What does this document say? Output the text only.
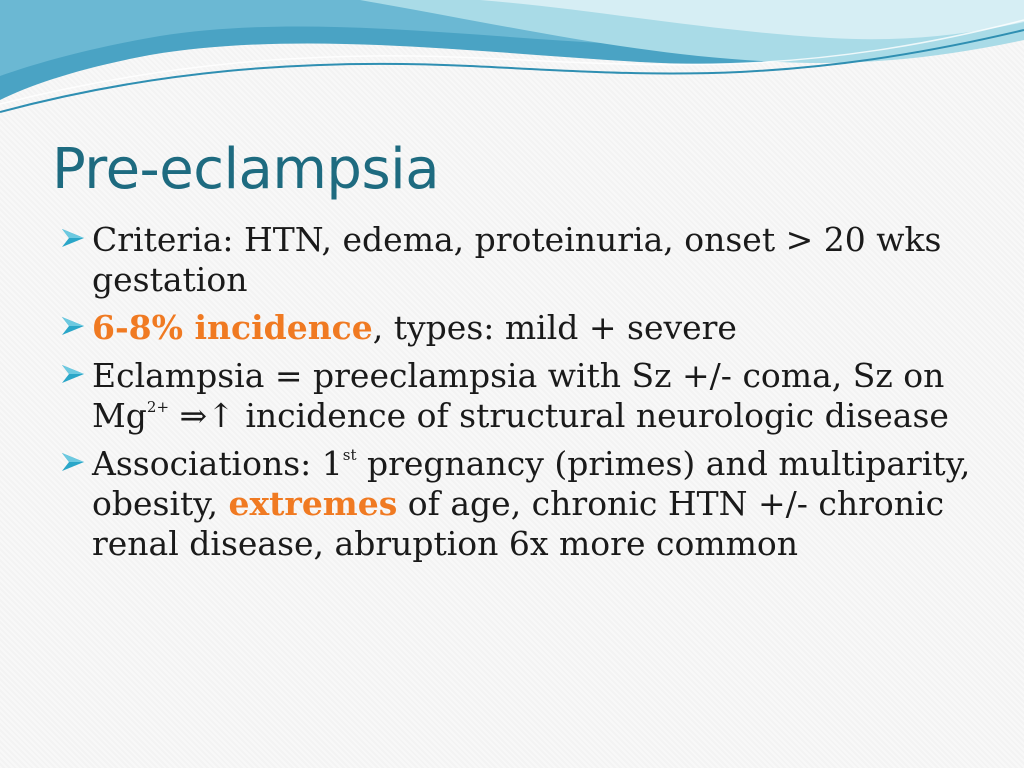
Pre-eclampsia
Criteria: HTN, edema, proteinuria, onset > 20 wks gestation
6-8% incidence, types: mild + severe
Eclampsia = preeclampsia with Sz +/- coma, Sz on $Mg^{2+}$ ⇒↑ incidence of structural neurologic disease
Associations: 1st pregnancy (primes) and multiparity, obesity, extremes of age, chronic HTN +/- chronic renal disease, abruption 6x more common
